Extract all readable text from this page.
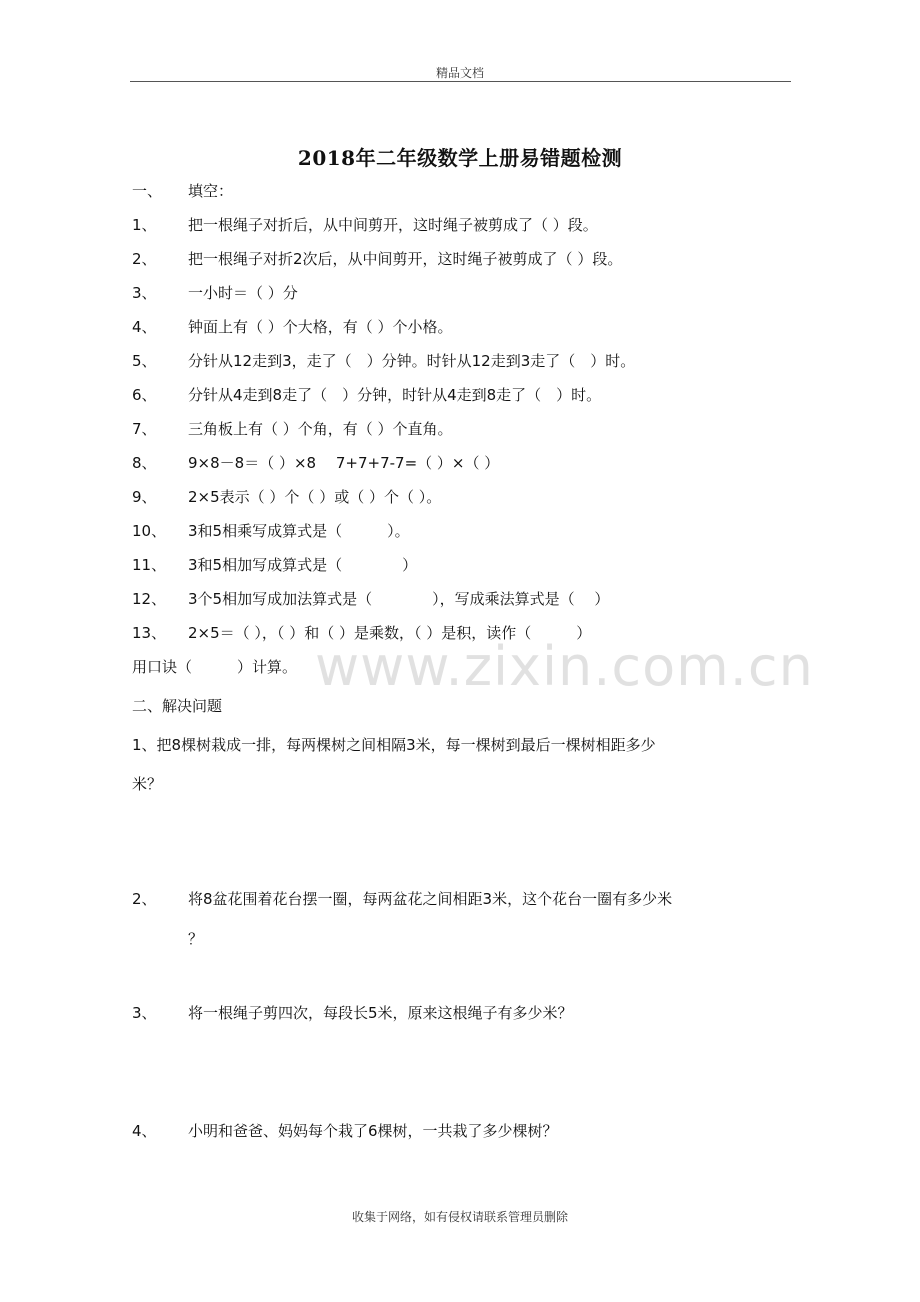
精品文档
2018年二年级数学上册易错题检测
一、 填空：
1、 把一根绳子对折后，从中间剪开，这时绳子被剪成了（ ）段。
2、 把一根绳子对折2次后，从中间剪开，这时绳子被剪成了（ ）段。
3、 一小时＝（ ）分
4、 钟面上有（ ）个大格，有（ ）个小格。
5、 分针从12走到3，走了（　）分钟。时针从12走到3走了（　）时。
6、 分针从4走到8走了（　）分钟，时针从4走到8走了（　）时。
7、 三角板上有（ ）个角，有（ ）个直角。
8、 9×8－8＝（ ）×8　 7+7+7-7=（ ）×（ ）
9、 2×5表示（ ）个（ ）或（ ）个（ ）。
10、 3和5相乘写成算式是（　　　）。
11、 3和5相加写成算式是（　　　　）
12、 3个5相加写成加法算式是（　　　　），写成乘法算式是（　 ）
13、 2×5＝（ ），（ ）和（ ）是乘数，（ ）是积，读作（　　　）
用口诀（　　　）计算。 www.zixin.com.cn
二、解决问题
1、把8棵树栽成一排，每两棵树之间相隔3米，每一棵树到最后一棵树相距多少
米？
2、 将8盆花围着花台摆一圈，每两盆花之间相距3米，这个花台一圈有多少米
？
3、 将一根绳子剪四次，每段长5米，原来这根绳子有多少米？
4、 小明和爸爸、妈妈每个栽了6棵树，一共栽了多少棵树？
收集于网络，如有侵权请联系管理员删除
